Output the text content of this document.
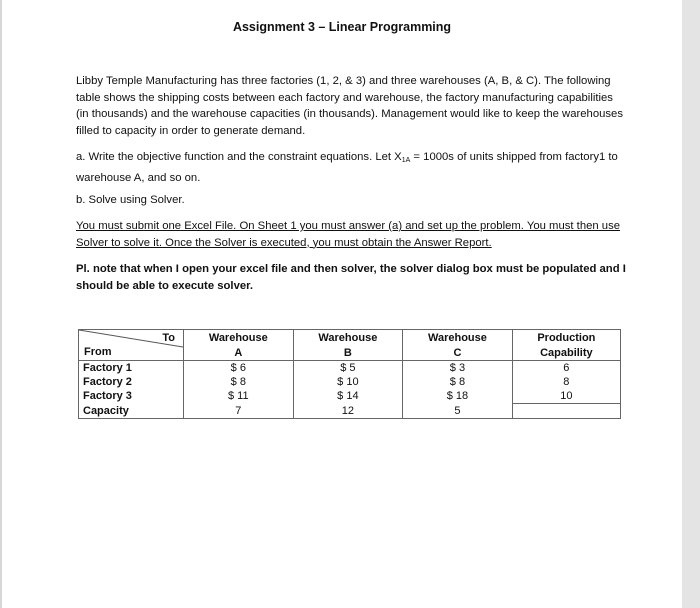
Assignment 3 – Linear Programming
Libby Temple Manufacturing has three factories (1, 2, & 3) and three warehouses (A, B, & C). The following table shows the shipping costs between each factory and warehouse, the factory manufacturing capabilities (in thousands) and the warehouse capacities (in thousands). Management would like to keep the warehouses filled to capacity in order to generate demand.
a. Write the objective function and the constraint equations. Let $X_{1A} = 1000s$ of units shipped from factory1 to warehouse A, and so on.
b. Solve using Solver.
You must submit one Excel File. On Sheet 1 you must answer (a) and set up the problem. You must then use Solver to solve it. Once the Solver is executed, you must obtain the Answer Report.
Pl. note that when I open your excel file and then solver, the solver dialog box must be populated and I should be able to execute solver.
To
From	Warehouse	Warehouse	Warehouse	Production
	A	B	C	Capability
Factory 1	$ 6	$ 5	$ 3	6
Factory 2	$ 8	$ 10	$ 8	8
Factory 3	$ 11	$ 14	$ 18	10
Capacity	7	12	5	
